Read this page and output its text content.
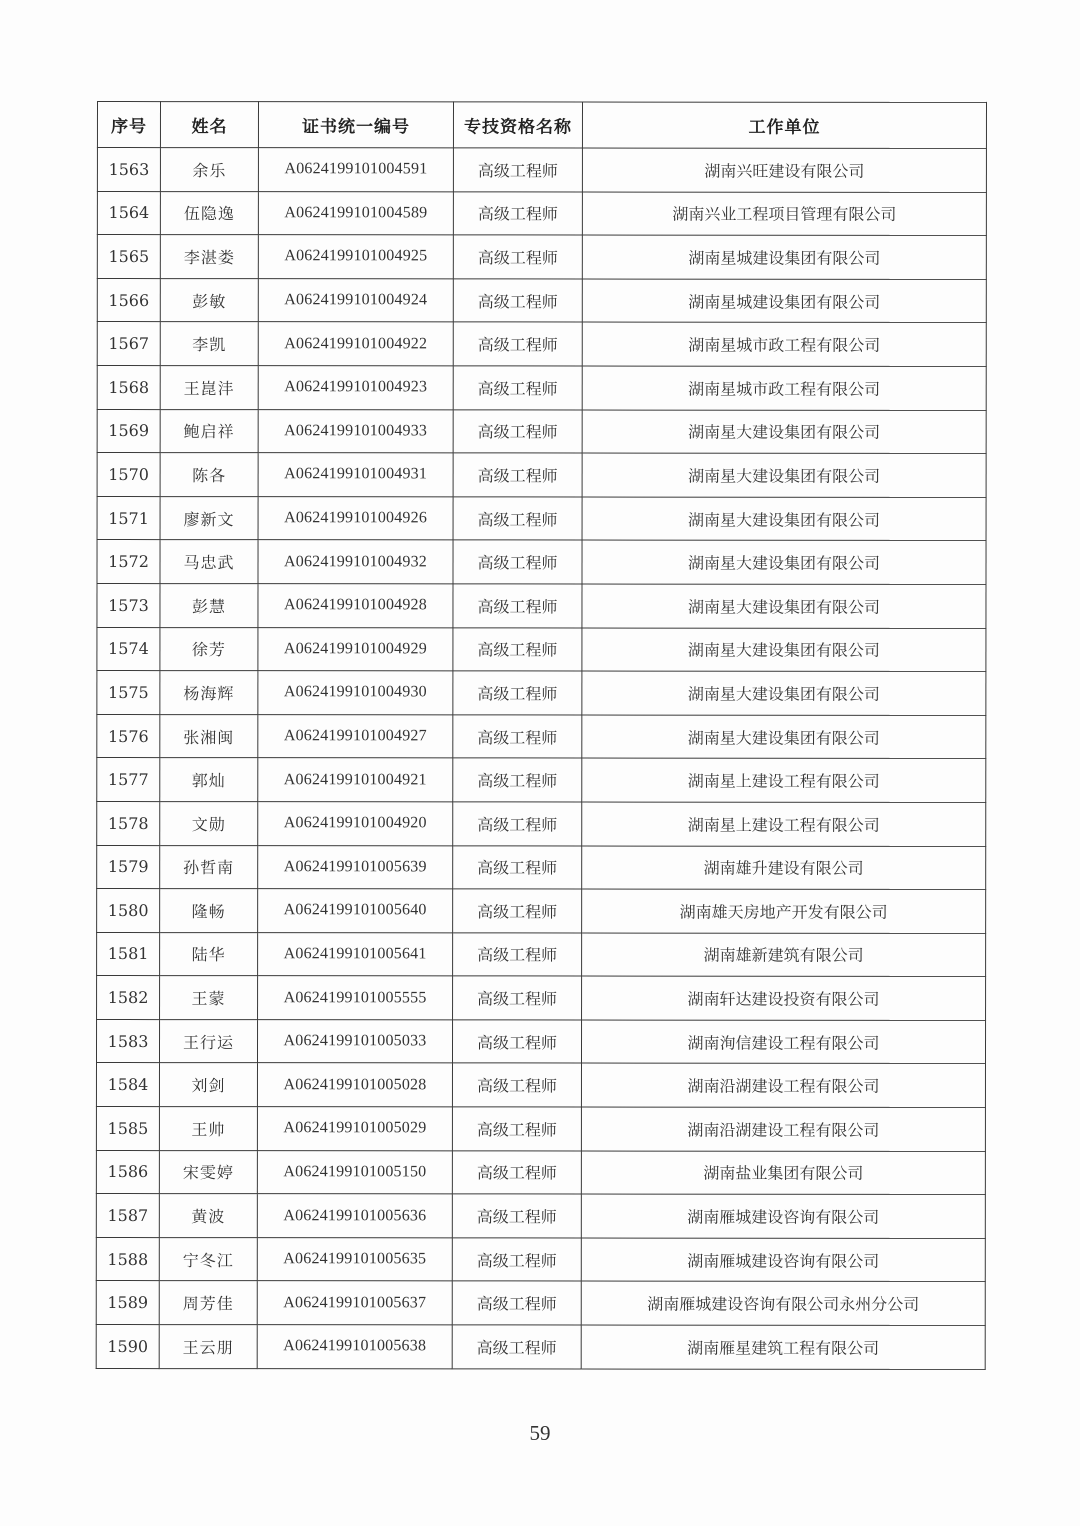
序号	姓名	证书统一编号	专技资格名称	工作单位
1563	余乐	A0624199101004591	高级工程师	湖南兴旺建设有限公司
1564	伍隐逸	A0624199101004589	高级工程师	湖南兴业工程项目管理有限公司
1565	李湛娄	A0624199101004925	高级工程师	湖南星城建设集团有限公司
1566	彭敏	A0624199101004924	高级工程师	湖南星城建设集团有限公司
1567	李凯	A0624199101004922	高级工程师	湖南星城市政工程有限公司
1568	王崑沣	A0624199101004923	高级工程师	湖南星城市政工程有限公司
1569	鲍启祥	A0624199101004933	高级工程师	湖南星大建设集团有限公司
1570	陈各	A0624199101004931	高级工程师	湖南星大建设集团有限公司
1571	廖新文	A0624199101004926	高级工程师	湖南星大建设集团有限公司
1572	马忠武	A0624199101004932	高级工程师	湖南星大建设集团有限公司
1573	彭慧	A0624199101004928	高级工程师	湖南星大建设集团有限公司
1574	徐芳	A0624199101004929	高级工程师	湖南星大建设集团有限公司
1575	杨海辉	A0624199101004930	高级工程师	湖南星大建设集团有限公司
1576	张湘闽	A0624199101004927	高级工程师	湖南星大建设集团有限公司
1577	郭灿	A0624199101004921	高级工程师	湖南星上建设工程有限公司
1578	文勋	A0624199101004920	高级工程师	湖南星上建设工程有限公司
1579	孙哲南	A0624199101005639	高级工程师	湖南雄升建设有限公司
1580	隆畅	A0624199101005640	高级工程师	湖南雄天房地产开发有限公司
1581	陆华	A0624199101005641	高级工程师	湖南雄新建筑有限公司
1582	王蒙	A0624199101005555	高级工程师	湖南轩达建设投资有限公司
1583	王行运	A0624199101005033	高级工程师	湖南洵信建设工程有限公司
1584	刘剑	A0624199101005028	高级工程师	湖南沿湖建设工程有限公司
1585	王帅	A0624199101005029	高级工程师	湖南沿湖建设工程有限公司
1586	宋雯婷	A0624199101005150	高级工程师	湖南盐业集团有限公司
1587	黄波	A0624199101005636	高级工程师	湖南雁城建设咨询有限公司
1588	宁冬江	A0624199101005635	高级工程师	湖南雁城建设咨询有限公司
1589	周芳佳	A0624199101005637	高级工程师	湖南雁城建设咨询有限公司永州分公司
1590	王云朋	A0624199101005638	高级工程师	湖南雁星建筑工程有限公司
59
